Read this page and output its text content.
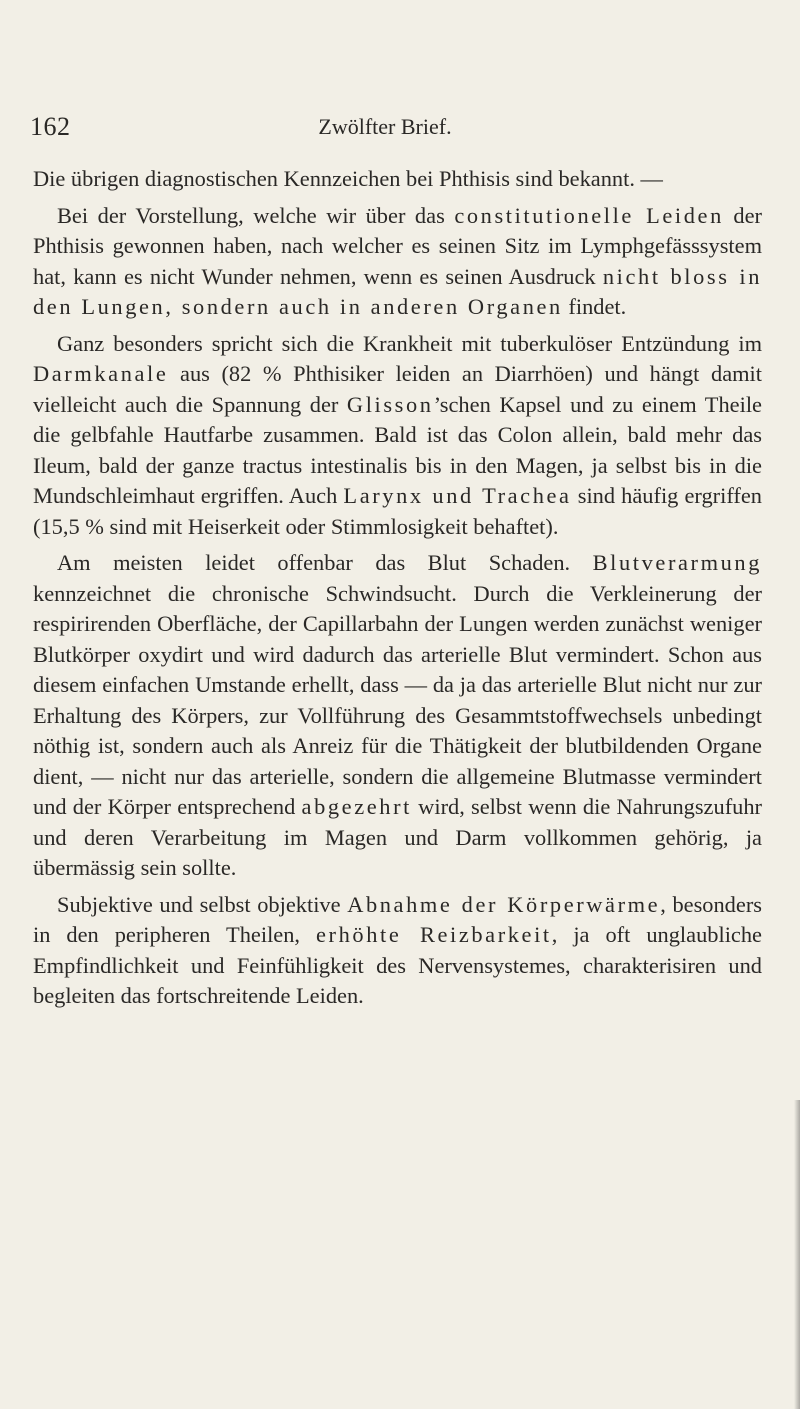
162	Zwölfter Brief.

Die übrigen diagnostischen Kennzeichen bei Phthisis sind bekannt. —

Bei der Vorstellung, welche wir über das constitutionelle Leiden der Phthisis gewonnen haben, nach welcher es seinen Sitz im Lymphgefässsystem hat, kann es nicht Wunder nehmen, wenn es seinen Ausdruck nicht bloss in den Lungen, sondern auch in anderen Organen findet.

Ganz besonders spricht sich die Krankheit mit tuberkulöser Entzündung im Darmkanale aus (82 % Phthisiker leiden an Diarrhöen) und hängt damit vielleicht auch die Spannung der Glisson’schen Kapsel und zu einem Theile die gelbfahle Hautfarbe zusammen. Bald ist das Colon allein, bald mehr das Ileum, bald der ganze tractus intestinalis bis in den Magen, ja selbst bis in die Mundschleimhaut ergriffen. Auch Larynx und Trachea sind häufig ergriffen (15,5 % sind mit Heiserkeit oder Stimmlosigkeit behaftet).

Am meisten leidet offenbar das Blut Schaden. Blutverarmung kennzeichnet die chronische Schwindsucht. Durch die Verkleinerung der respirirenden Oberfläche, der Capillarbahn der Lungen werden zunächst weniger Blutkörper oxydirt und wird dadurch das arterielle Blut vermindert. Schon aus diesem einfachen Umstande erhellt, dass — da ja das arterielle Blut nicht nur zur Erhaltung des Körpers, zur Vollführung des Gesammtstoffwechsels unbedingt nöthig ist, sondern auch als Anreiz für die Thätigkeit der blutbildenden Organe dient, — nicht nur das arterielle, sondern die allgemeine Blutmasse vermindert und der Körper entsprechend abgezehrt wird, selbst wenn die Nahrungszufuhr und deren Verarbeitung im Magen und Darm vollkommen gehörig, ja übermässig sein sollte.

Subjektive und selbst objektive Abnahme der Körperwärme, besonders in den peripheren Theilen, erhöhte Reizbarkeit, ja oft unglaubliche Empfindlichkeit und Feinfühligkeit des Nervensystemes, charakterisiren und begleiten das fortschreitende Leiden.
